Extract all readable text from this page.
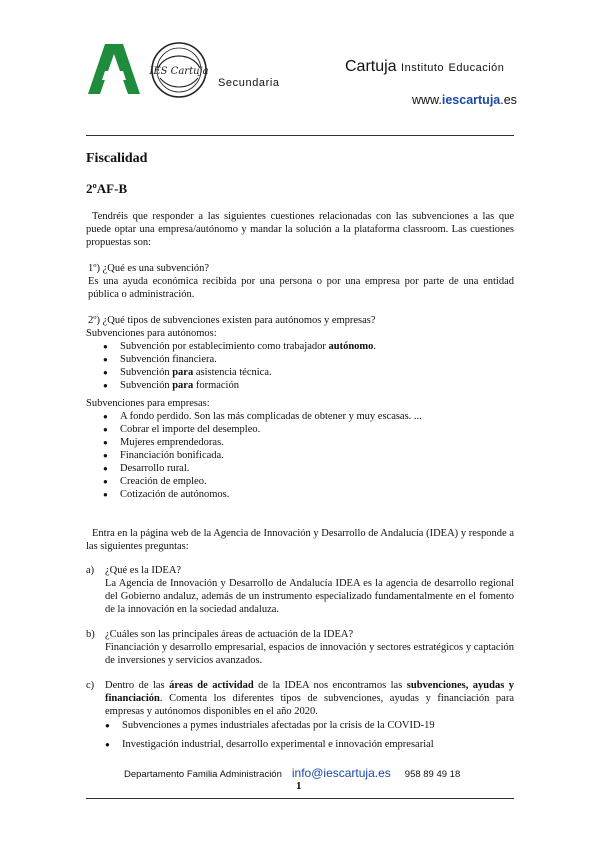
IES Cartuja
Secundaria
Cartuja Instituto Educación
www.iescartuja.es
Fiscalidad
2ºAF-B
Tendréis que responder a las siguientes cuestiones relacionadas con las subvenciones a las que puede optar una empresa/autónomo y mandar la solución a la plataforma classroom. Las cuestiones propuestas son:
1º) ¿Qué es una subvención?
Es una ayuda económica recibida por una persona o por una empresa por parte de una entidad pública o administración.
2º) ¿Qué tipos de subvenciones existen para autónomos y empresas?
Subvenciones para autónomos:
● Subvención por establecimiento como trabajador autónomo.
● Subvención financiera.
● Subvención para asistencia técnica.
● Subvención para formación
Subvenciones para empresas:
● A fondo perdido. Son las más complicadas de obtener y muy escasas. ...
● Cobrar el importe del desempleo.
● Mujeres emprendedoras.
● Financiación bonificada.
● Desarrollo rural.
● Creación de empleo.
● Cotización de autónomos.
Entra en la página web de la Agencia de Innovación y Desarrollo de Andalucía (IDEA) y responde a las siguientes preguntas:
a) ¿Qué es la IDEA?
La Agencia de Innovación y Desarrollo de Andalucía IDEA es la agencia de desarrollo regional del Gobierno andaluz, además de un instrumento especializado fundamentalmente en el fomento de la innovación en la sociedad andaluza.
b) ¿Cuáles son las principales áreas de actuación de la IDEA?
Financiación y desarrollo empresarial, espacios de innovación y sectores estratégicos y captación de inversiones y servicios avanzados.
c) Dentro de las áreas de actividad de la IDEA nos encontramos las subvenciones, ayudas y financiación. Comenta los diferentes tipos de subvenciones, ayudas y financiación para empresas y autónomos disponibles en el año 2020.
● Subvenciones a pymes industriales afectadas por la crisis de la COVID-19
● Investigación industrial, desarrollo experimental e innovación empresarial
Departamento Familia Administración info@iescartuja.es 958 89 49 18
1
